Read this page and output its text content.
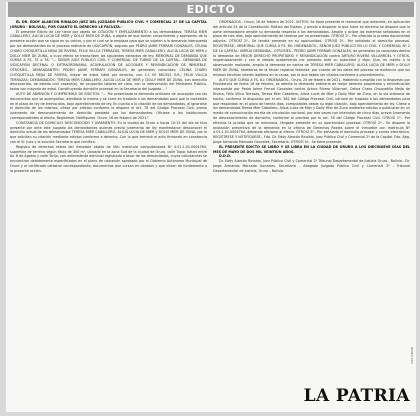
EDICTO

EL DR. EDDY ALARCÓN RINALDO JUEZ DEL JUZGADO PÚBLICO CIVIL Y COMERCIAL 2º DE LA CAPITAL (ORURO - BOLIVIA), POR CUANTO EL DERECHO LE FACULTA.-

El presente Edicto de Ley tiene por objeto de CITACIÓN Y EMPLAZAMIENTO a los demandados: TERESA MIER CABALLERO, ALICIA LUCIA DE MIER y DOLLY MIER DE ZUNA, a objeto de que tomen conocimiento y apersonen de la presente acción que se sigue en su contra, y por el cual se le emplaza para que se sujeten a la demanda interpuesta por los demandantes en el proceso ordinario de USUCAPIÓN, seguido por PEDRO JAIME FERRARI GONZALES, CELINA CHARO CHOQUETILLA MEJIA DE RIVERA, FELIX VILLCA TERRAZAS, TERESA MIER CABALLERO, ALICIA LUCIA DE MIER y DOLLY MIER DE ZUNA, a cuyo efecto se transcriben los siguientes extractos de ley: MEMORIAL DE DEMANDA QUE CURSA A FS. 75 a 78: "… SEÑOR JUEZ PÚBLICO CIVIL Y COMERCIAL DE TURNO DE LA CAPITAL.- DEMANDA DE USUCAPIÓN DECENAL O EXTRAORDINARIA, ACUMULACIÓN DE ACCIONES Y REIVINDICACIÓN DE INMUEBLE. OTROSÍES.- DEMANDANTES: PEDRO JAIME FERRARI GONZALES, de generales conocidas; CELINA CHARO CHOQUETILLA MEJIA DE RIVERA, mayor de edad, hábil por derecho, con C.I. Nº 681552 O.R.; FELIX VILLCA TERRAZAS; DEMANDADOS: TERESA MIER CABALLERO, ALICIA LUCIA DE MIER y DOLLY MIER DE ZUNA, con domicilio desconocido, de estado civil casada(o), de ocupación labores de casa, con la intervención del Ministerio Público, todos con mayoría de edad. Constituyendo domicilio procesal en la Secretaría del Juzgado …"

AUTO DE ADMISIÓN Y COMPROMISO DE EDICTOS: "… Por presentada la demanda ordinaria de usucapión con los documentos que se acompañan, admítase la misma y se corre en traslado a los demandados para que la contesten en el plazo de ley de treinta días, bajo apercibimiento de ley. En cuanto a la citación de los demandados, al ignorarse el domicilio de los mismos, cítese por edictos conforme lo dispone el Art. 78 del Código Procesal Civil, previo juramento de desconocimiento de domicilio prestado por los demandantes. Ofíciese a las instituciones correspondientes al efecto. Regístrese, Notifíquese. Oruro, 16 de febrero de 2021."

CONSTANCIA DE DOMICILIO DESCONOCIDO Y JURAMENTO: En la ciudad de Oruro a horas 10:15 del día se hizo presente por ante este Juzgado los demandantes quienes previo juramento de ley manifestaron desconocer el domicilio actual de los demandados TERESA MIER CABALLERO, ALICIA LUCIA DE MIER y DOLLY MIER DE ZUNA, por lo que solicitan su citación mediante edictos conforme a derecho. Con lo que terminó el acto firmando en constancia con el Sr. Juez y la suscrita Secretaria que certifica.

Registro de derechos reales del inmueble objeto de litis: matrícula computarizada Nº 4.01.1.01.0004764, superficie de terreno según título de 300 m², ubicado en la zona Sud de la ciudad de Oruro, calle Tupac Katari entre Av. 6 de Agosto y calle Tarija, con antecedente dominial registrado a favor de los demandados, cuyas colindancias se encuentran debidamente especificadas en el plano de ubicación aprobado por el Gobierno Autónomo Municipal de Oruro y el certificado catastral correspondiente, documentos que cursan en obrados y que sirven de fundamento a la presente acción.

ORDENADOS.- Oruro, 16 de febrero de 2021. VISTOS: Se tiene presente el memorial que antecede, en aplicación del artículo 24 de la Constitución Política del Estado, y previo a disponer lo que fuere en derecho se dispone que la parte demandante amplíe su demanda respecto a los demandados. Amplíe y aclare los extremos señalados en el plazo de tres días, bajo apercibimiento de tenerse por no presentada. OTROSÍ 1º.- Por ofrecida la prueba documental adjunta. OTROSÍ 2º.- Se tendrá presente en su oportunidad. OTROSÍ 3º.- Por señalado el domicilio procesal. REGÍSTRESE.- MEMORIAL QUE CURSA A FS. 80: ORDENADOS.- SEÑOR JUEZ PÚBLICO EN LO CIVIL Y COMERCIAL Nº 2 DE LA CAPITAL: AMPLÍA DEMANDA.- OTROSÍES.- PEDRO JAIME FERRARI GONZALES, de generales ya conocidas dentro la demanda de MEJOR DERECHO PROPIETARIO Y REIVINDICACIÓN contra ARTURO RIVERA VILLARROEL Y OTROS, respetuosamente y con el debido acatamiento me presento ante su autoridad y digo: Que, en mérito a la observación realizada, amplío la demanda en contra de TERESA MIER CABALLERO, ALICIA LUCIA DE MIER y DOLLY MIER DE ZUNA, herederos de la titular registral fallecida, por cuanto de los datos del proceso se evidencia que los mismos tendrían interés legítimo en la causa, por lo que deben ser citados conforme a procedimiento.

AUTO QUE CURSA A FS. 81: ORDENADOS.- Oruro, 25 de febrero de 2021. Habiendo cumplido con lo dispuesto por Providencia de fecha 16 de febrero, se admite la demanda ordinaria de mejor derecho propietario y reivindicación interpuesta por Pedro Jaime Ferrari Gonzales contra Arturo Rivera Villarroel, Celina Charo Choquetilla Mejía de Rivera, Félix Villca Terrazas, Teresa Mier Caballero, Alicia Lucia de Mier y Dolly Mier de Zuna, en la vía ordinaria de hecho, conforme lo dispuesto por el art. 362 del Código Procesal Civil, córrase en traslado a los demandados para que respondan en el plazo de treinta días, computables desde su legal citación, bajo apercibimiento de ley. Cítese a los demandados Teresa Mier Caballero, Alicia Lucia de Mier y Dolly Mier de Zuna mediante edictos a publicarse en un medio de comunicación escrita de circulación nacional, por tres veces con intervalos de cinco días, previo juramento de desconocimiento de domicilio, conforme lo previsto por el art. 78 del Código Procesal Civil. OTROSÍ 1º.- Por ofrecida la prueba que se menciona, téngase presente en su oportunidad procesal. OTROSÍ 2º.- Se dispone la anotación preventiva de la demanda en la oficina de Derechos Reales sobre el inmueble con matrícula Nº 4.01.1.01.0004764, debiendo oficiarse al efecto. OTROSÍ 3º.- Por señalado el domicilio procesal y correo electrónico. REGÍSTRESE Y NOTIFÍQUESE.- Fdo. Dr. Eddy Alarcón Rinaldo, Juez Público Civil y Comercial 2º de la Capital. Fdo. Abg. Jorge Armando Mercado Gonzales, Secretario. OTROSÍ 4º.- Se tiene presente.

EL PRESENTE EDICTO SE LIBRÓ Y SE LIBRA EN LA CIUDAD DE ORURO A LOS DIECINUEVE DÍAS DEL MES DE MAYO DE DOS MIL VEINTIÚN AÑOS.

D.D.D.

Dr. Eddy Alarcón Rinaldo, Juez Público Civil y Comercial 2º Tribunal Departamental de Justicia Oruro - Bolivia.- Dr. Jorge Armando Mercado Gonzales, Secretario – Abogado Juzgado Público Civil y Comercial 2º - Tribunal Departamental de Justicia, Oruro – Bolivia.

C04-5/8/28
LA PATRIA
